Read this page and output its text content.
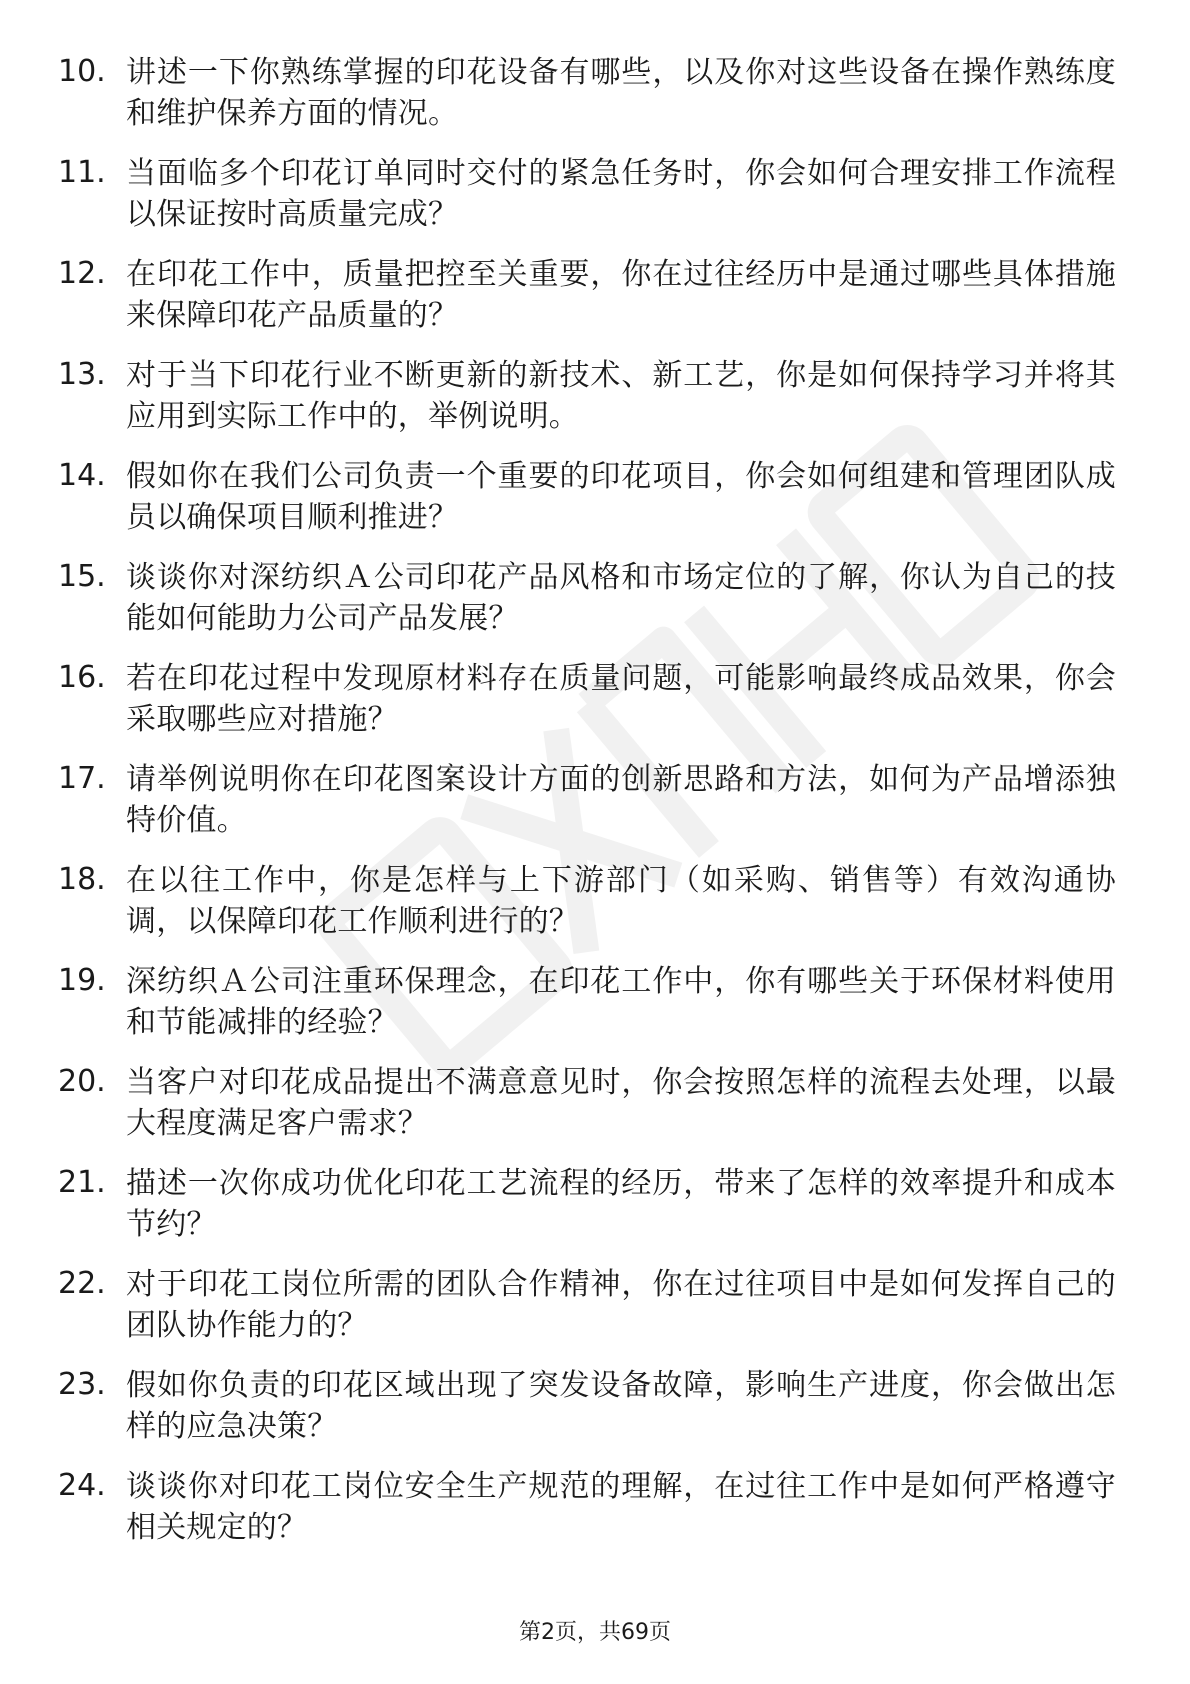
10. 讲述一下你熟练掌握的印花设备有哪些，以及你对这些设备在操作熟练度和维护保养方面的情况。
11. 当面临多个印花订单同时交付的紧急任务时，你会如何合理安排工作流程以保证按时高质量完成？
12. 在印花工作中，质量把控至关重要，你在过往经历中是通过哪些具体措施来保障印花产品质量的？
13. 对于当下印花行业不断更新的新技术、新工艺，你是如何保持学习并将其应用到实际工作中的，举例说明。
14. 假如你在我们公司负责一个重要的印花项目，你会如何组建和管理团队成员以确保项目顺利推进？
15. 谈谈你对深纺织Ａ公司印花产品风格和市场定位的了解，你认为自己的技能如何能助力公司产品发展？
16. 若在印花过程中发现原材料存在质量问题，可能影响最终成品效果，你会采取哪些应对措施？
17. 请举例说明你在印花图案设计方面的创新思路和方法，如何为产品增添独特价值。
18. 在以往工作中，你是怎样与上下游部门（如采购、销售等）有效沟通协调，以保障印花工作顺利进行的？
19. 深纺织Ａ公司注重环保理念，在印花工作中，你有哪些关于环保材料使用和节能减排的经验？
20. 当客户对印花成品提出不满意意见时，你会按照怎样的流程去处理，以最大程度满足客户需求？
21. 描述一次你成功优化印花工艺流程的经历，带来了怎样的效率提升和成本节约？
22. 对于印花工岗位所需的团队合作精神，你在过往项目中是如何发挥自己的团队协作能力的？
23. 假如你负责的印花区域出现了突发设备故障，影响生产进度，你会做出怎样的应急决策？
24. 谈谈你对印花工岗位安全生产规范的理解，在过往工作中是如何严格遵守相关规定的？
第2页，共69页
